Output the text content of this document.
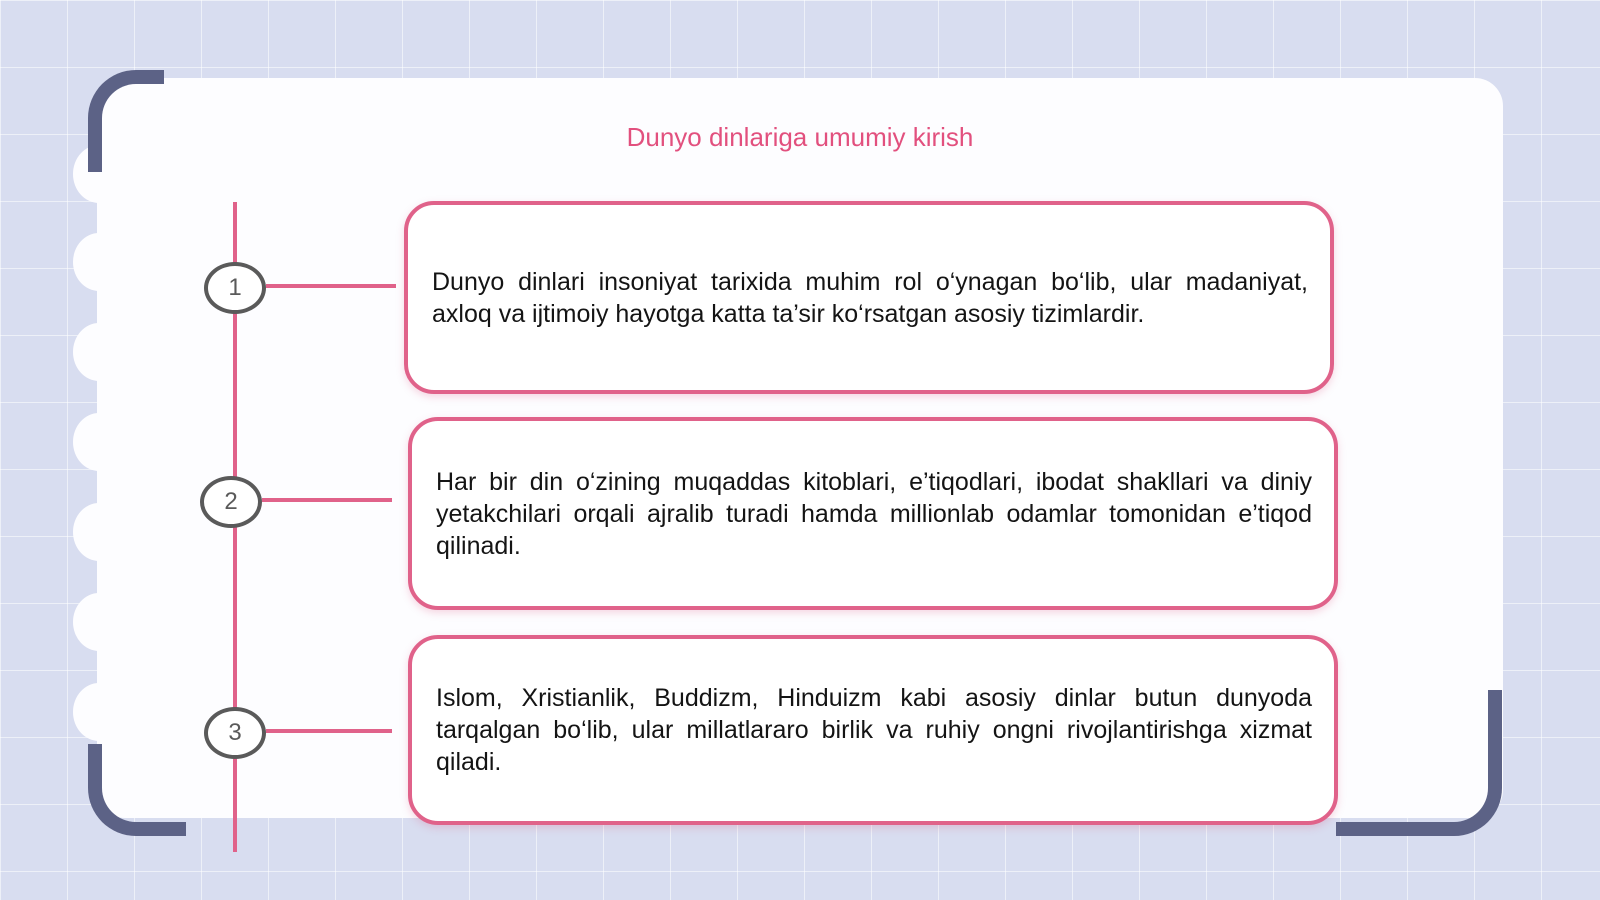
Dunyo dinlariga umumiy kirish
1
2
3

Dunyo dinlari insoniyat tarixida muhim rol o‘ynagan bo‘lib, ular madaniyat, axloq va ijtimoiy hayotga katta ta’sir ko‘rsatgan asosiy tizimlardir.

Har bir din o‘zining muqaddas kitoblari, e’tiqodlari, ibodat shakllari va diniy yetakchilari orqali ajralib turadi hamda millionlab odamlar tomonidan e’tiqod qilinadi.

Islom, Xristianlik, Buddizm, Hinduizm kabi asosiy dinlar butun dunyoda tarqalgan bo‘lib, ular millatlararo birlik va ruhiy ongni rivojlantirishga xizmat qiladi.
